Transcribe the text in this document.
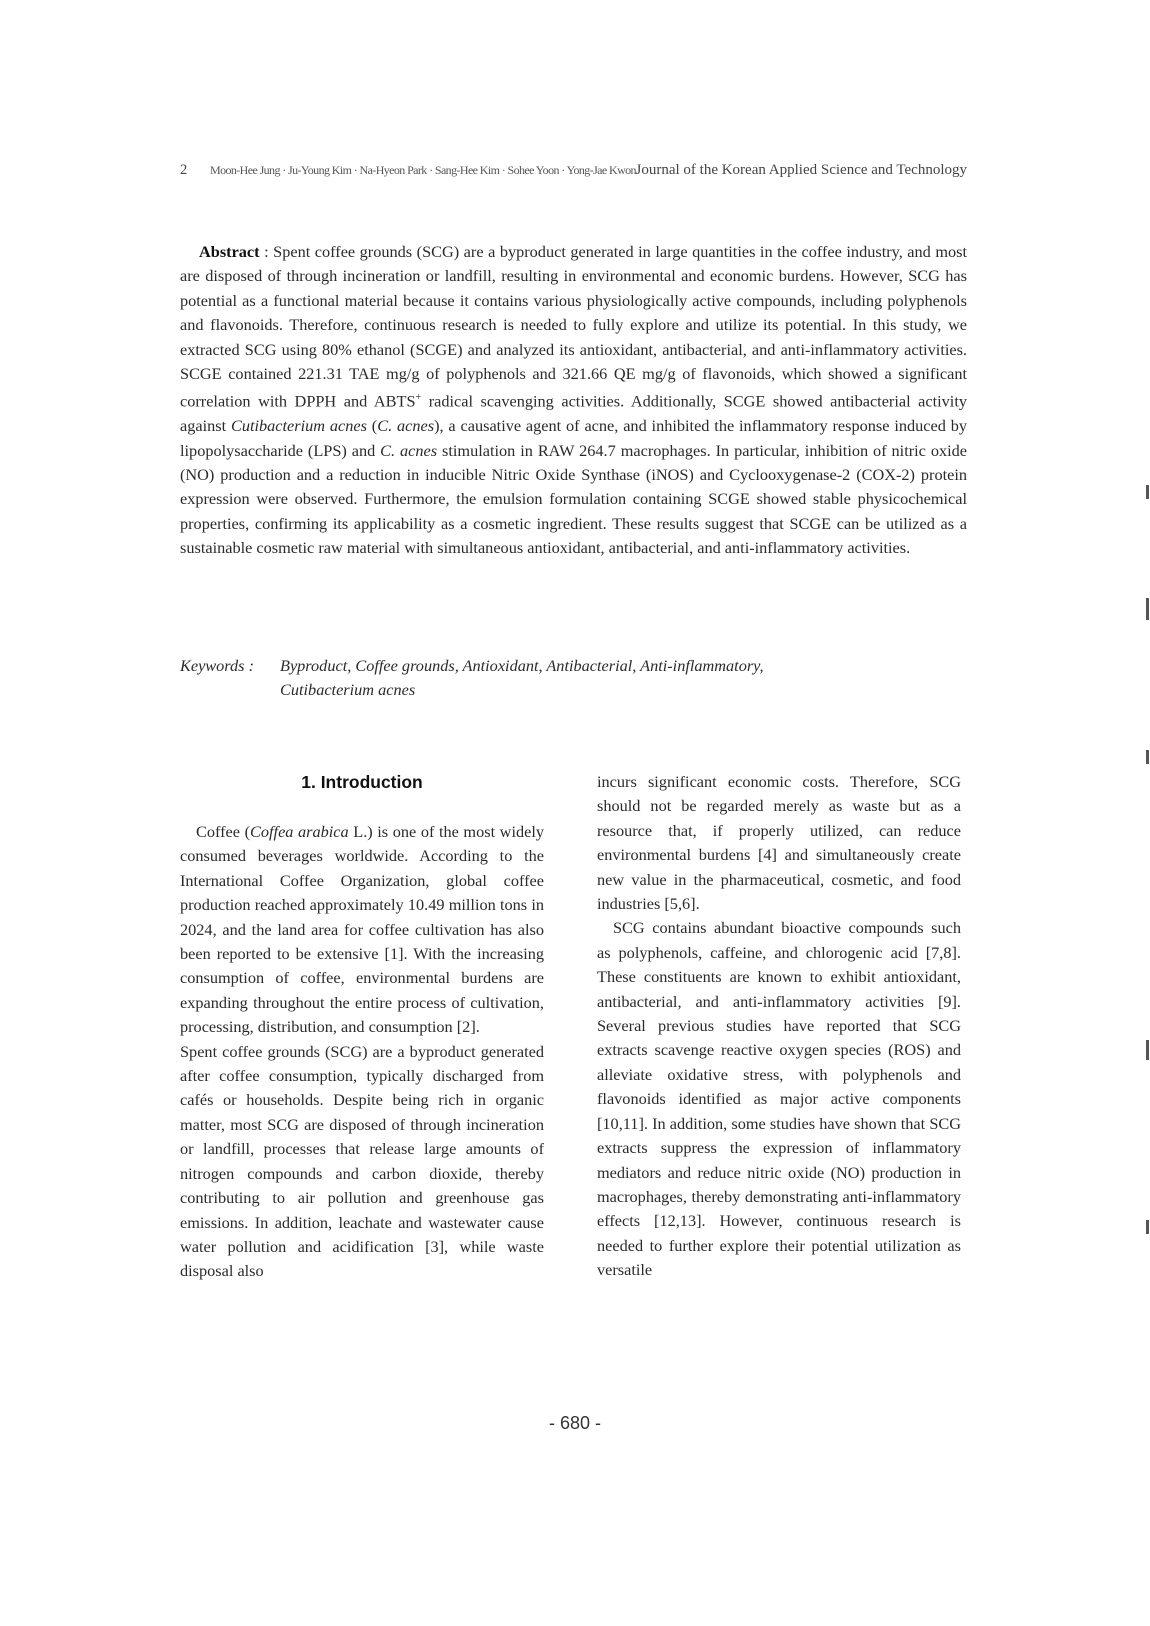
2 Moon-Hee Jung · Ju-Young Kim · Na-Hyeon Park · Sang-Hee Kim · Sohee Yoon · Yong-Jae Kwon Journal of the Korean Applied Science and Technology
Abstract : Spent coffee grounds (SCG) are a byproduct generated in large quantities in the coffee industry, and most are disposed of through incineration or landfill, resulting in environmental and economic burdens. However, SCG has potential as a functional material because it contains various physiologically active compounds, including polyphenols and flavonoids. Therefore, continuous research is needed to fully explore and utilize its potential. In this study, we extracted SCG using 80% ethanol (SCGE) and analyzed its antioxidant, antibacterial, and anti-inflammatory activities. SCGE contained 221.31 TAE mg/g of polyphenols and 321.66 QE mg/g of flavonoids, which showed a significant correlation with DPPH and ABTS+ radical scavenging activities. Additionally, SCGE showed antibacterial activity against Cutibacterium acnes (C. acnes), a causative agent of acne, and inhibited the inflammatory response induced by lipopolysaccharide (LPS) and C. acnes stimulation in RAW 264.7 macrophages. In particular, inhibition of nitric oxide (NO) production and a reduction in inducible Nitric Oxide Synthase (iNOS) and Cyclooxygenase-2 (COX-2) protein expression were observed. Furthermore, the emulsion formulation containing SCGE showed stable physicochemical properties, confirming its applicability as a cosmetic ingredient. These results suggest that SCGE can be utilized as a sustainable cosmetic raw material with simultaneous antioxidant, antibacterial, and anti-inflammatory activities.
Keywords :Byproduct, Coffee grounds, Antioxidant, Antibacterial, Anti-inflammatory,
Cutibacterium acnes
1. Introduction

Coffee (Coffea arabica L.) is one of the most widely consumed beverages worldwide. According to the International Coffee Organization, global coffee production reached approximately 10.49 million tons in 2024, and the land area for coffee cultivation has also been reported to be extensive [1]. With the increasing consumption of coffee, environmental burdens are expanding throughout the entire process of cultivation, processing, distribution, and consumption [2].

Spent coffee grounds (SCG) are a byproduct generated after coffee consumption, typically discharged from cafés or households. Despite being rich in organic matter, most SCG are disposed of through incineration or landfill, processes that release large amounts of nitrogen compounds and carbon dioxide, thereby contributing to air pollution and greenhouse gas emissions. In addition, leachate and wastewater cause water pollution and acidification [3], while waste disposal also

incurs significant economic costs. Therefore, SCG should not be regarded merely as waste but as a resource that, if properly utilized, can reduce environmental burdens [4] and simultaneously create new value in the pharmaceutical, cosmetic, and food industries [5,6].

SCG contains abundant bioactive compounds such as polyphenols, caffeine, and chlorogenic acid [7,8]. These constituents are known to exhibit antioxidant, antibacterial, and anti-inflammatory activities [9]. Several previous studies have reported that SCG extracts scavenge reactive oxygen species (ROS) and alleviate oxidative stress, with polyphenols and flavonoids identified as major active components [10,11]. In addition, some studies have shown that SCG extracts suppress the expression of inflammatory mediators and reduce nitric oxide (NO) production in macrophages, thereby demonstrating anti-inflammatory effects [12,13]. However, continuous research is needed to further explore their potential utilization as versatile

- 680 -
